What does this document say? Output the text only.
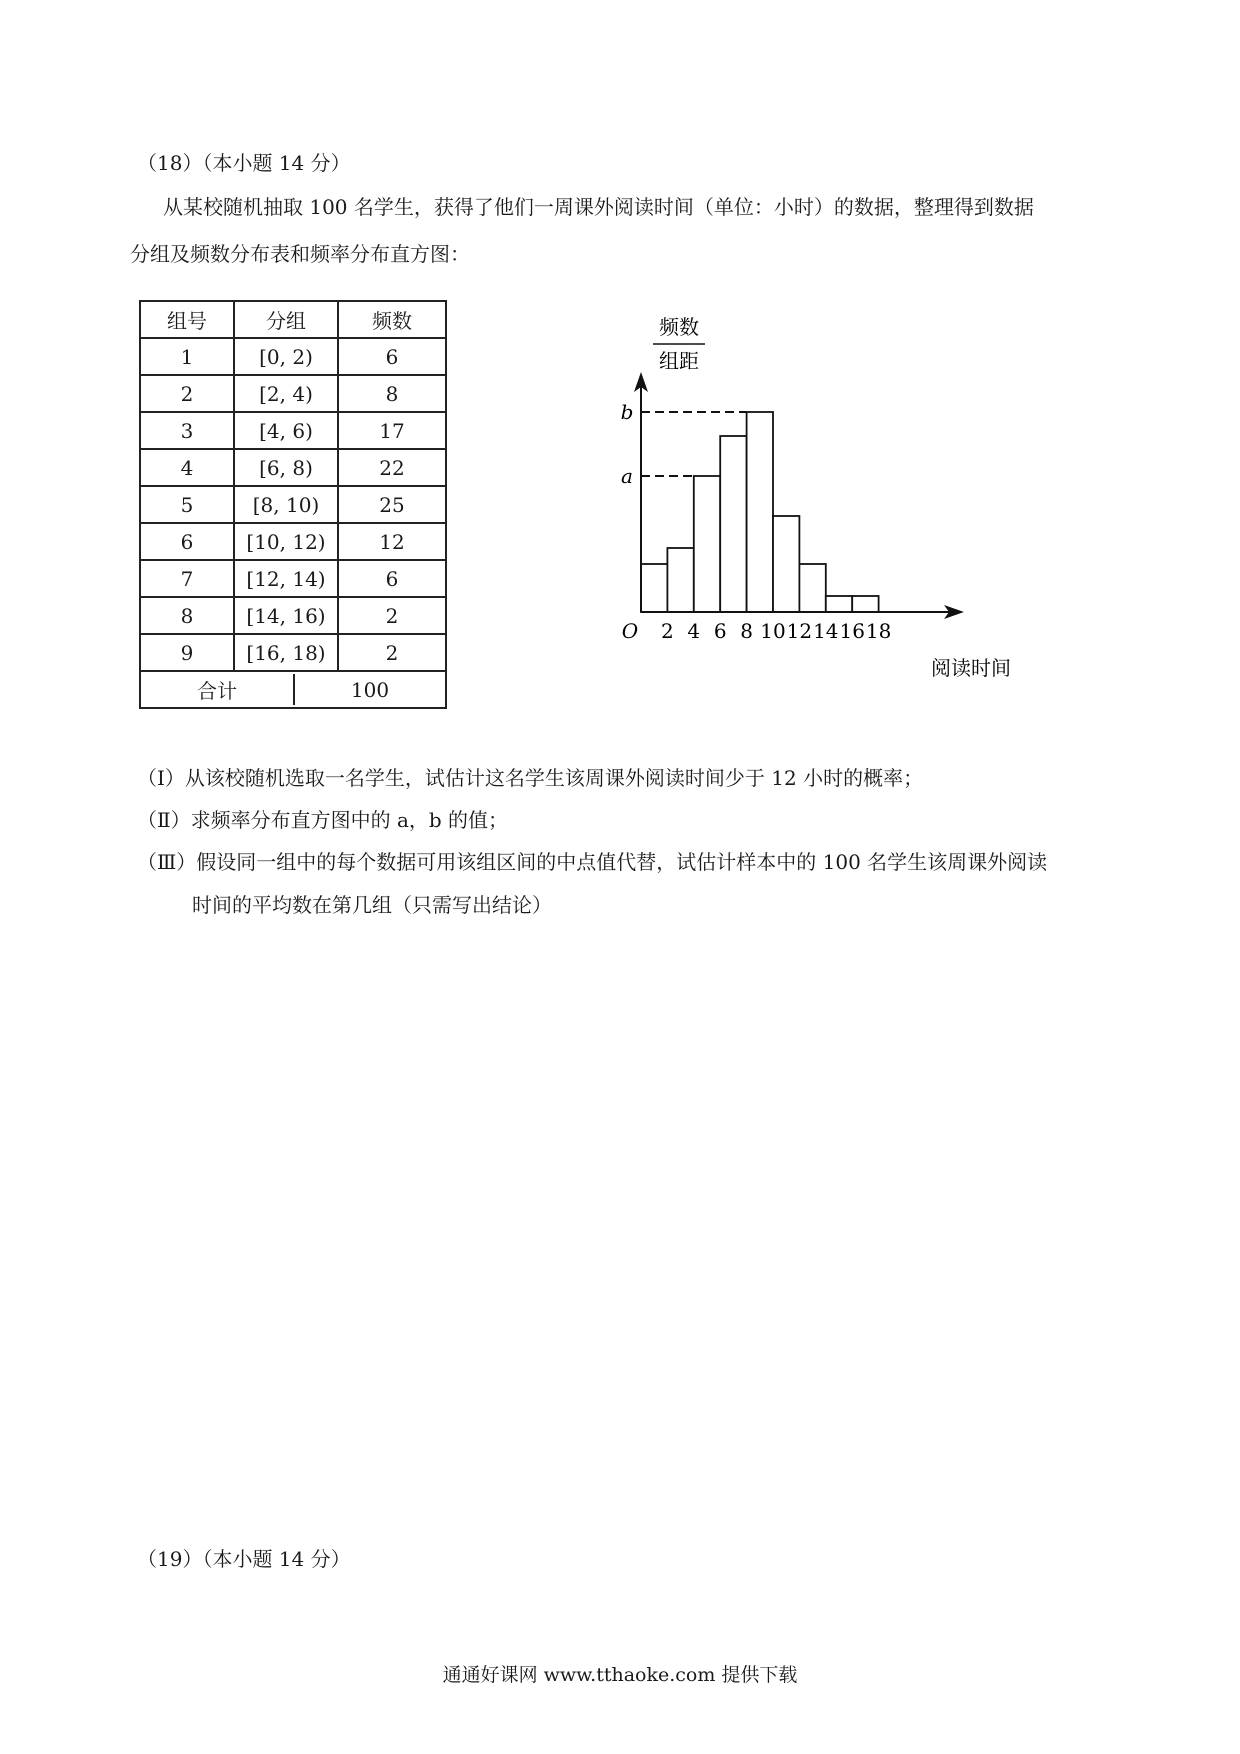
（18）（本小题 14 分）
从某校随机抽取 100 名学生，获得了他们一周课外阅读时间（单位：小时）的数据，整理得到数据
分组及频数分布表和频率分布直方图：
组号	分组	频数
1	[0, 2)	6
2	[2, 4)	8
3	[4, 6)	17
4	[6, 8)	22
5	[8, 10)	25
6	[10, 12)	12
7	[12, 14)	6
8	[14, 16)	2
9	[16, 18)	2

合计	100
频数
组距
阅读时间
O
a
b
2 4 6 8 10 12 14 16 18
（Ⅰ）从该校随机选取一名学生，试估计这名学生该周课外阅读时间少于 12 小时的概率；
（Ⅱ）求频率分布直方图中的 a，b 的值；
（Ⅲ）假设同一组中的每个数据可用该组区间的中点值代替，试估计样本中的 100 名学生该周课外阅读
时间的平均数在第几组（只需写出结论）
（19）（本小题 14 分）
通通好课网 www.tthaoke.com 提供下载
